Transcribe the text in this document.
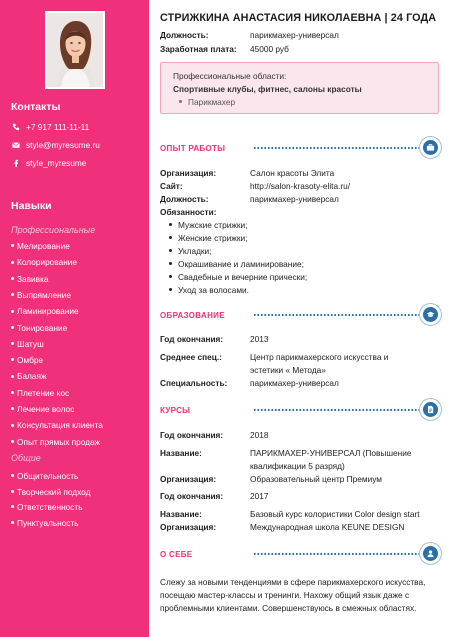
Контакты
+7 917 111-11-11
style@myresume.ru
style_myresume
Навыки
Профессиональные
Мелирование
Колорирование
Завивка
Выпрямление
Ламинирование
Тонирование
Шатуш
Омбре
Балаяж
Плетение кос
Лечение волос
Консультация клиента
Опыт прямых продаж
Общие
Общительность
Творческий подход
Ответственность
Пунктуальность
СТРИЖКИНА АНАСТАСИЯ НИКОЛАЕВНА | 24 ГОДА
Должность:	парикмахер-универсал
Заработная плата: 45000 руб
Профессиональные области:
Спортивные клубы, фитнес, салоны красоты
Парикмахер
ОПЫТ РАБОТЫ
Организация:	Салон красоты Элита
Сайт:	http://salon-krasoty-elita.ru/
Должность:	парикмахер-универсал
Обязанности:
Мужские стрижки;
Женские стрижки;
Укладки;
Окрашивание и ламинирование;
Свадебные и вечерние прически;
Уход за волосами.
ОБРАЗОВАНИЕ
Год окончания:	2013
Среднее спец.:	Центр парикмахерского искусства и
эстетики « Метода»
Специальность:	парикмахер-универсал
КУРСЫ
Год окончания:	2018
Название:	ПАРИКМАХЕР-УНИВЕРСАЛ (Повышение
квалификации 5 разряд)
Организация:	Образовательный центр Премиум
Год окончания:	2017
Название:	Базовый курс колористики Color design start
Организация:	Международная школа KEUNE DESIGN
О СЕБЕ
Слежу за новыми тенденциями в сфере парикмахерского искусства, посещаю мастер-классы и тренинги. Нахожу общий язык даже с проблемными клиентами. Совершенствуюсь в смежных областях.
